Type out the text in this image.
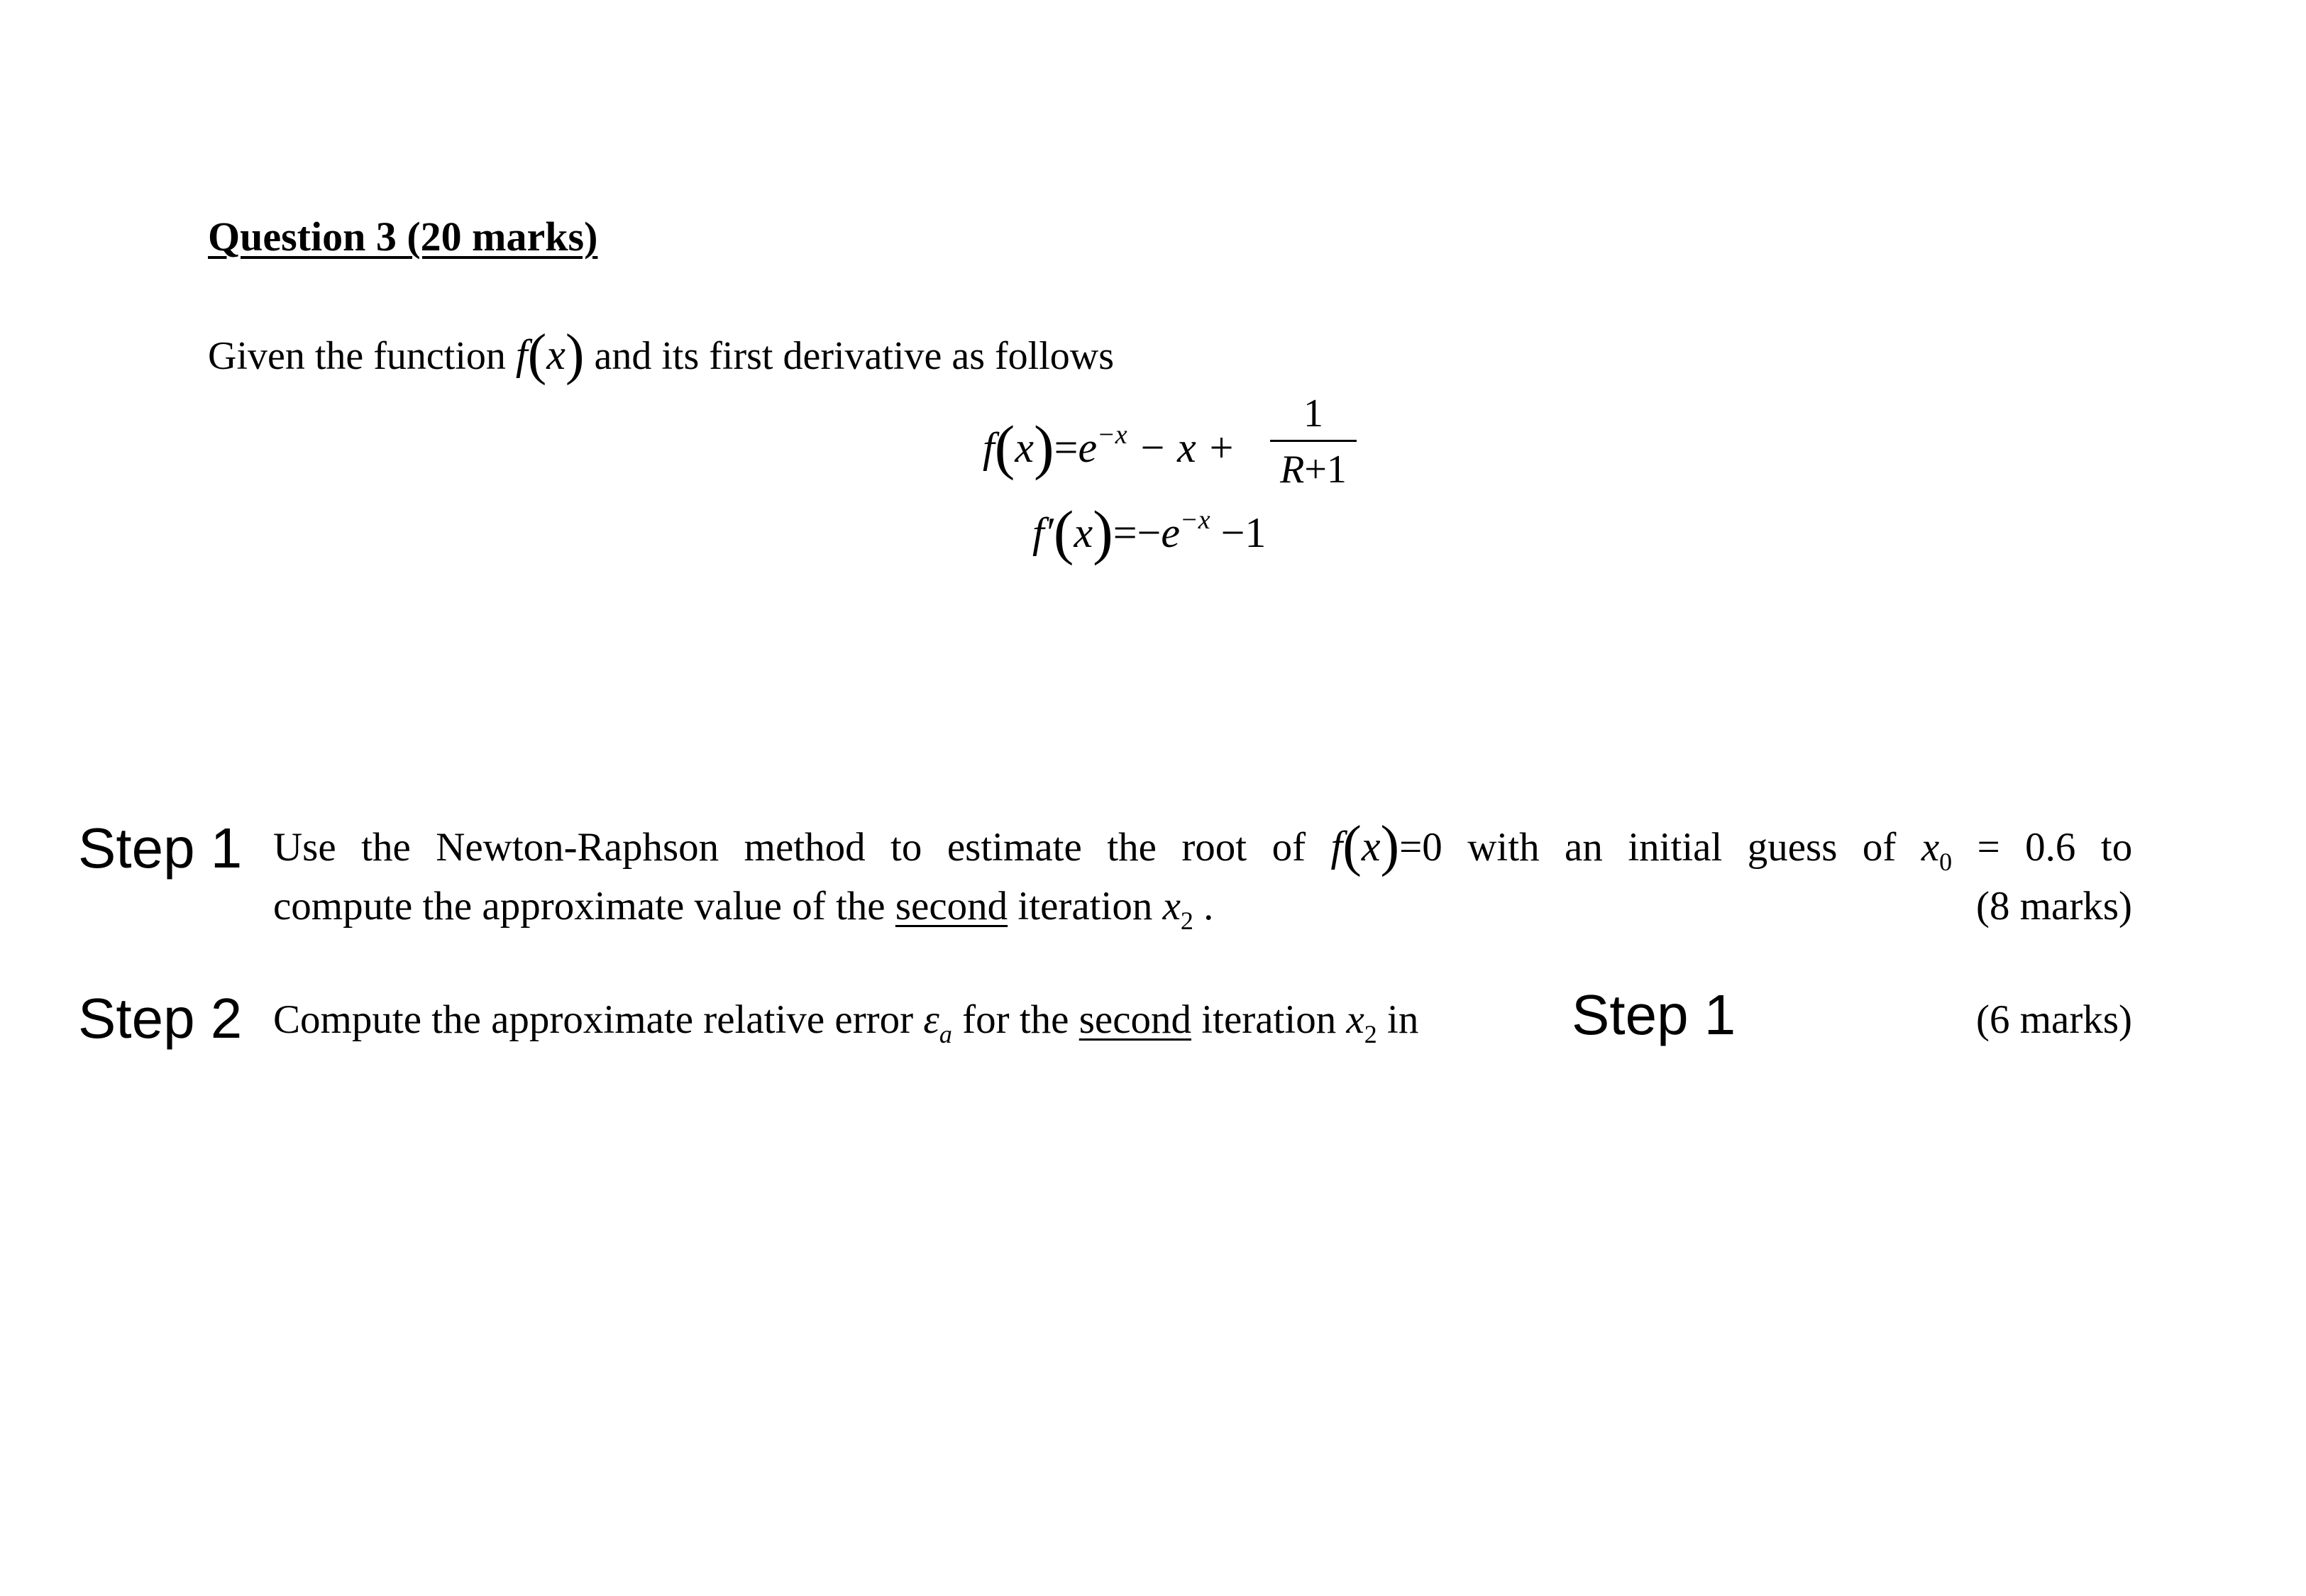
Question 3 (20 marks)
Given the function f(x) and its first derivative as follows
$f(x)=e^{-x} - x$ +
1
R+1
$f'(x)=-e^{-x} -1$
Step 1 Use the Newton-Raphson method to estimate the root of f(x)=0 with an initial guess of $x_0 = 0.6$ to
compute the approximate value of the second iteration $x_2$ .	(8 marks)
Step 2 Compute the approximate relative error $\varepsilon_a$ for the second iteration $x_2$ in	Step 1	(6 marks)
